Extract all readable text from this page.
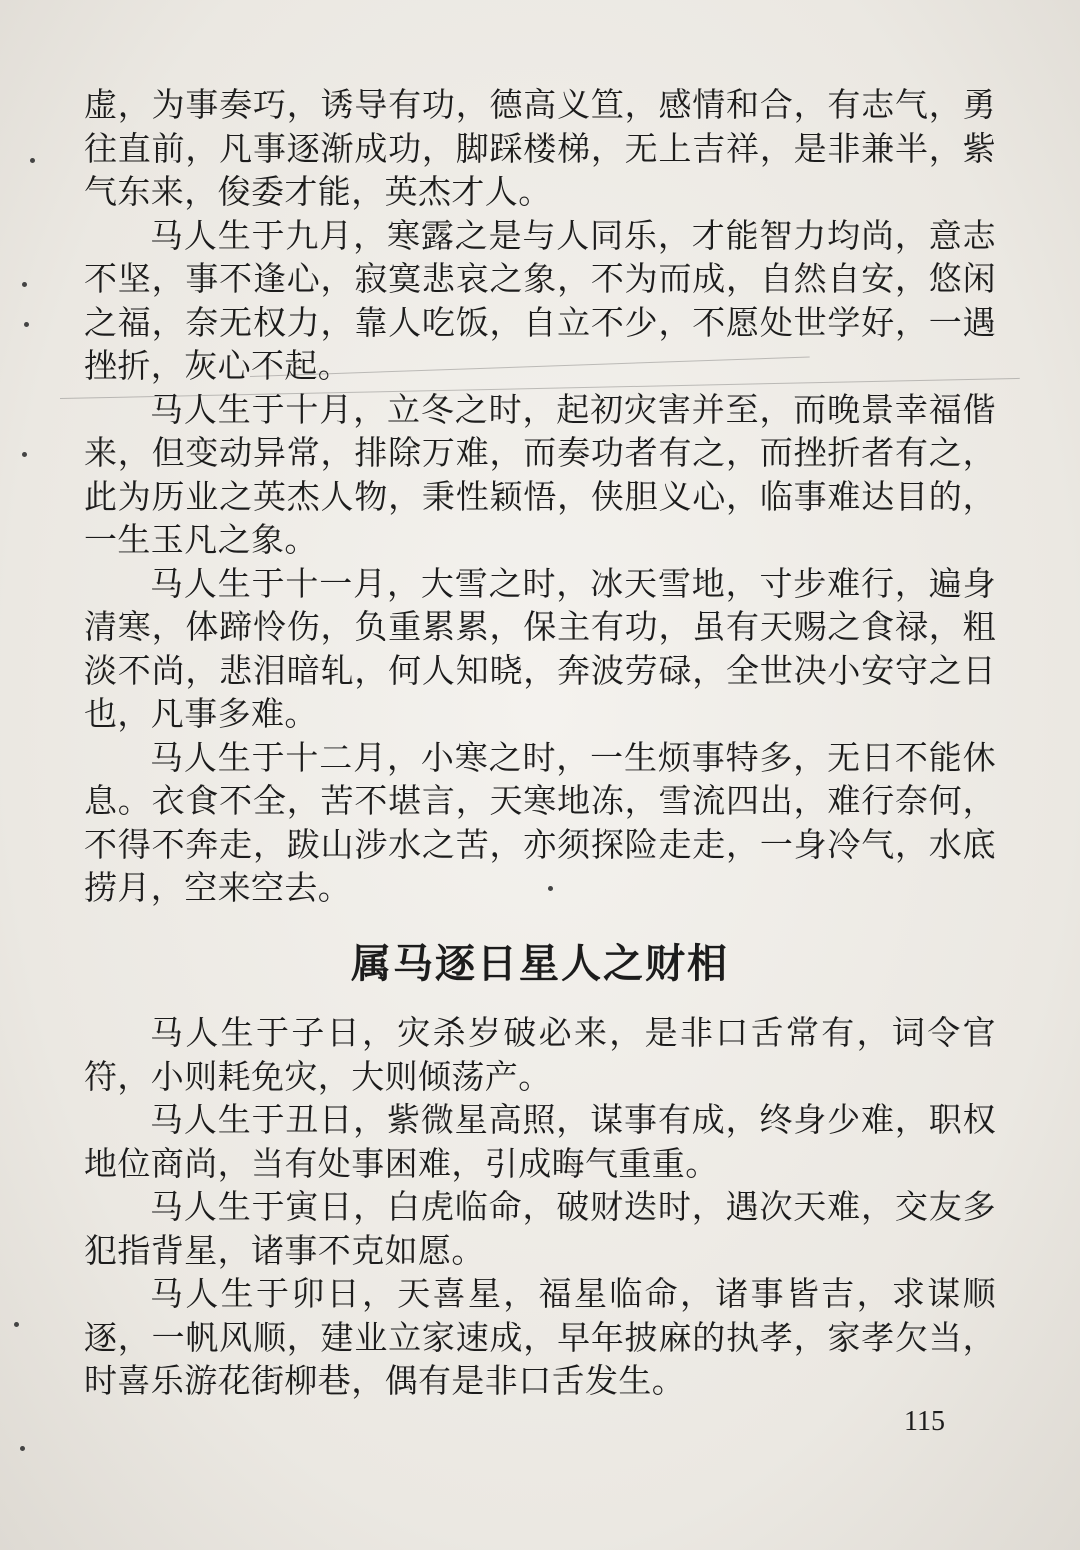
虚，为事奏巧，诱导有功，德高义笪，感情和合，有志气，勇往直前，凡事逐渐成功，脚踩楼梯，无上吉祥，是非兼半，紫气东来，俊委才能，英杰才人。

马人生于九月，寒露之是与人同乐，才能智力均尚，意志不坚，事不逢心，寂寞悲哀之象，不为而成，自然自安，悠闲之福，奈无权力，靠人吃饭，自立不少，不愿处世学好，一遇挫折，灰心不起。

马人生于十月，立冬之时，起初灾害并至，而晚景幸福偕来，但变动异常，排除万难，而奏功者有之，而挫折者有之，此为历业之英杰人物，秉性颖悟，侠胆义心，临事难达目的，一生玉凡之象。

马人生于十一月，大雪之时，冰天雪地，寸步难行，遍身清寒，体蹄怜伤，负重累累，保主有功，虽有天赐之食禄，粗淡不尚，悲泪暗轧，何人知晓，奔波劳碌，全世决小安守之日也，凡事多难。

马人生于十二月，小寒之时，一生烦事特多，无日不能休息。衣食不全，苦不堪言，天寒地冻，雪流四出，难行奈何，不得不奔走，跋山涉水之苦，亦须探险走走，一身冷气，水底捞月，空来空去。

属马逐日星人之财相

马人生于子日，灾杀岁破必来，是非口舌常有，词令官符，小则耗免灾，大则倾荡产。

马人生于丑日，紫微星高照，谋事有成，终身少难，职权地位商尚，当有处事困难，引成晦气重重。

马人生于寅日，白虎临命，破财迭时，遇次天难，交友多犯指背星，诸事不克如愿。

马人生于卯日，天喜星，福星临命，诸事皆吉，求谋顺逐，一帆风顺，建业立家速成，早年披麻的执孝，家孝欠当，时喜乐游花街柳巷，偶有是非口舌发生。

115
